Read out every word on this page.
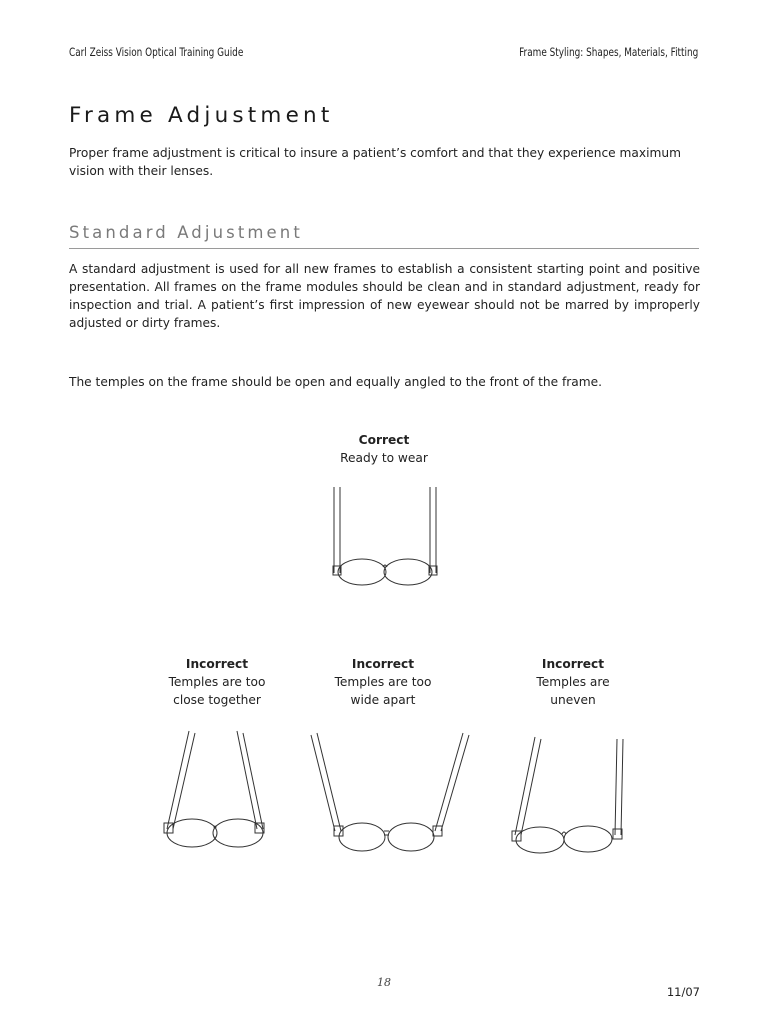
Carl Zeiss Vision Optical Training Guide	Frame Styling: Shapes, Materials, Fitting
Frame Adjustment

Proper frame adjustment is critical to insure a patient’s comfort and that they experience maximum vision with their lenses.

Standard Adjustment

A standard adjustment is used for all new frames to establish a consistent starting point and positive presentation. All frames on the frame modules should be clean and in standard adjustment, ready for inspection and trial. A patient’s first impression of new eyewear should not be marred by improperly adjusted or dirty frames.

The temples on the frame should be open and equally angled to the front of the frame.

Correct
Ready to wear
Incorrect
Temples are too
close together
Incorrect
Temples are too
wide apart
Incorrect
Temples are
uneven
18
11/07
